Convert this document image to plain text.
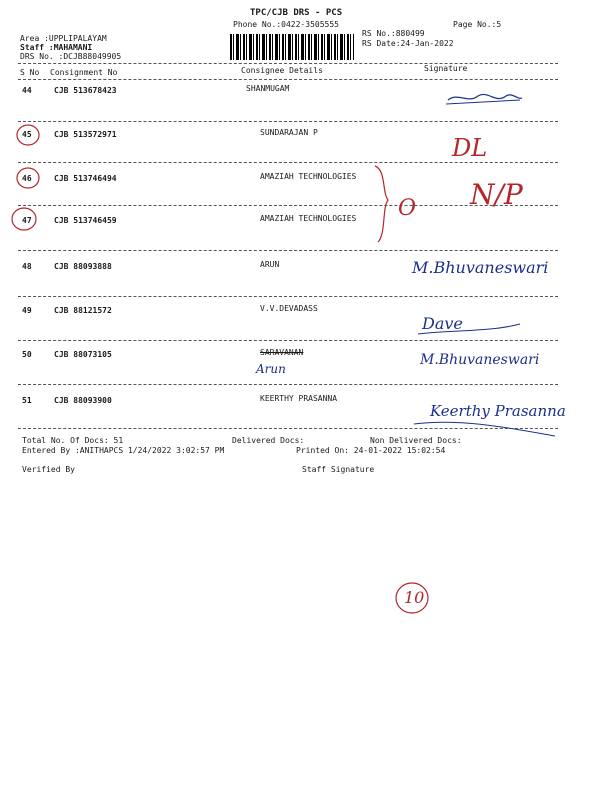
TPC/CJB DRS - PCS
Phone No.:0422-3505555	Page No.:5
Area :UPPLIPALAYAM
Staff :MAHAMANI
DRS No. :DCJB88049905
RS No.:880499
RS Date:24-Jan-2022
S No Consignment No	Consignee Details	Signature
44	CJB 513678423	SHANMUGAM
45	CJB 513572971	SUNDARAJAN P
46	CJB 513746494	AMAZIAH TECHNOLOGIES
47	CJB 513746459	AMAZIAH TECHNOLOGIES
48	CJB 88093888	ARUN
49	CJB 88121572	V.V.DEVADASS
50	CJB 88073105	SARAVANAN
51	CJB 88093900	KEERTHY PRASANNA
Total No. Of Docs: 51	Delivered Docs:	Non Delivered Docs:
Entered By :ANITHAPCS 1/24/2022 3:02:57 PM	Printed On: 24-01-2022 15:02:54
Verified By	Staff Signature
O
DL
N/P
10
M.Bhuvaneswari
Dave
Arun
M.Bhuvaneswari
Keerthy Prasanna
